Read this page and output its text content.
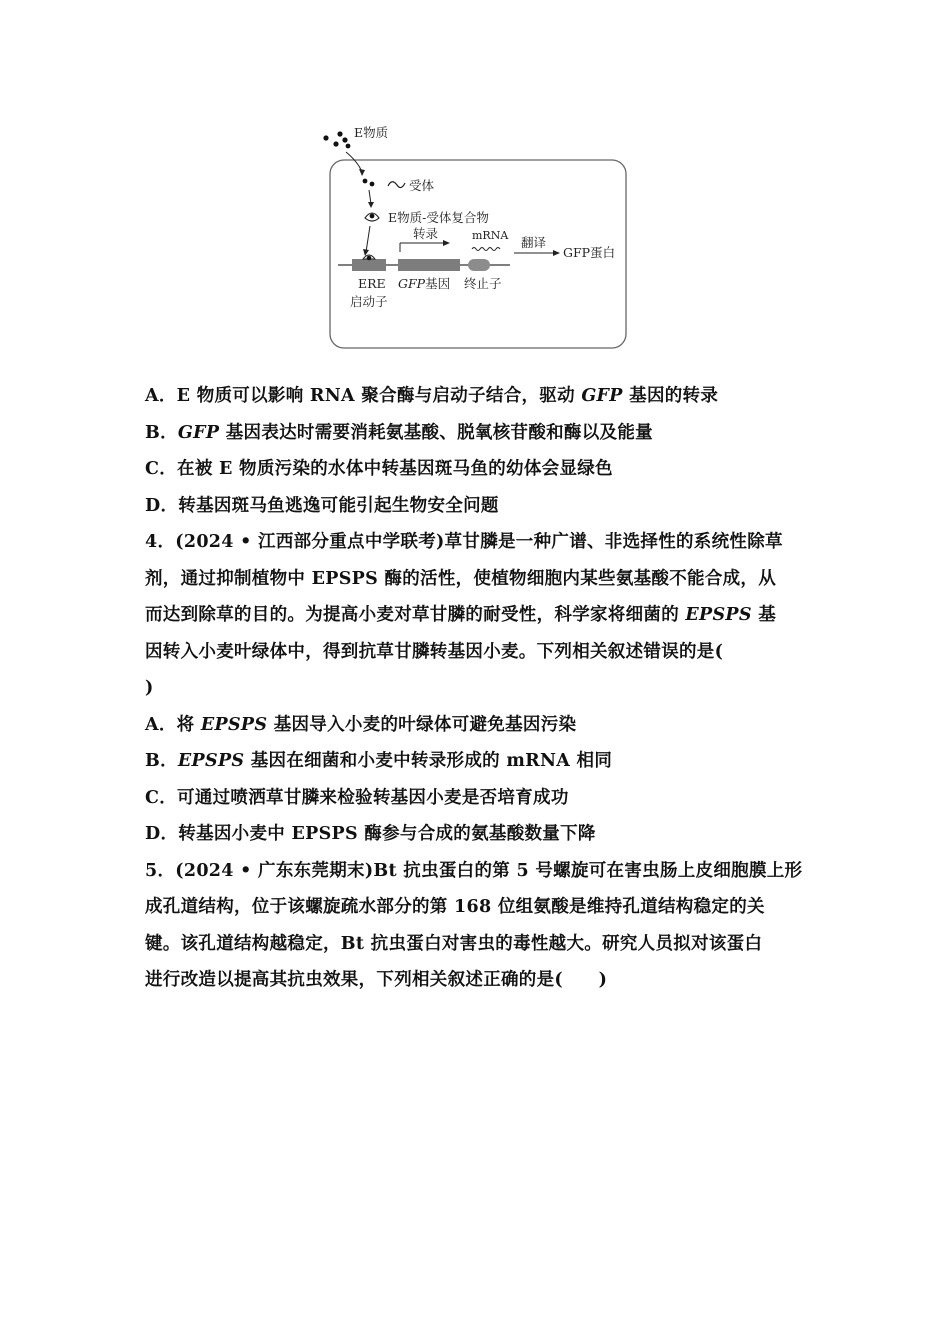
E物质
受体
E物质-受体复合物
转录	mRNA 翻译
GFP蛋白
ERE
启动子
GFP基因 终止子
A．E 物质可以影响 RNA 聚合酶与启动子结合，驱动 GFP 基因的转录
B．GFP 基因表达时需要消耗氨基酸、脱氧核苷酸和酶以及能量
C．在被 E 物质污染的水体中转基因斑马鱼的幼体会显绿色
D．转基因斑马鱼逃逸可能引起生物安全问题
4．(2024 • 江西部分重点中学联考)草甘膦是一种广谱、非选择性的系统性除草
剂，通过抑制植物中 EPSPS 酶的活性，使植物细胞内某些氨基酸不能合成，从
而达到除草的目的。为提高小麦对草甘膦的耐受性，科学家将细菌的 EPSPS 基
因转入小麦叶绿体中，得到抗草甘膦转基因小麦。下列相关叙述错误的是(
)
A．将 EPSPS 基因导入小麦的叶绿体可避免基因污染
B．EPSPS 基因在细菌和小麦中转录形成的 mRNA 相同
C．可通过喷洒草甘膦来检验转基因小麦是否培育成功
D．转基因小麦中 EPSPS 酶参与合成的氨基酸数量下降
5．(2024 • 广东东莞期末)Bt 抗虫蛋白的第 5 号螺旋可在害虫肠上皮细胞膜上形
成孔道结构，位于该螺旋疏水部分的第 168 位组氨酸是维持孔道结构稳定的关
键。该孔道结构越稳定，Bt 抗虫蛋白对害虫的毒性越大。研究人员拟对该蛋白
进行改造以提高其抗虫效果，下列相关叙述正确的是(　　)
